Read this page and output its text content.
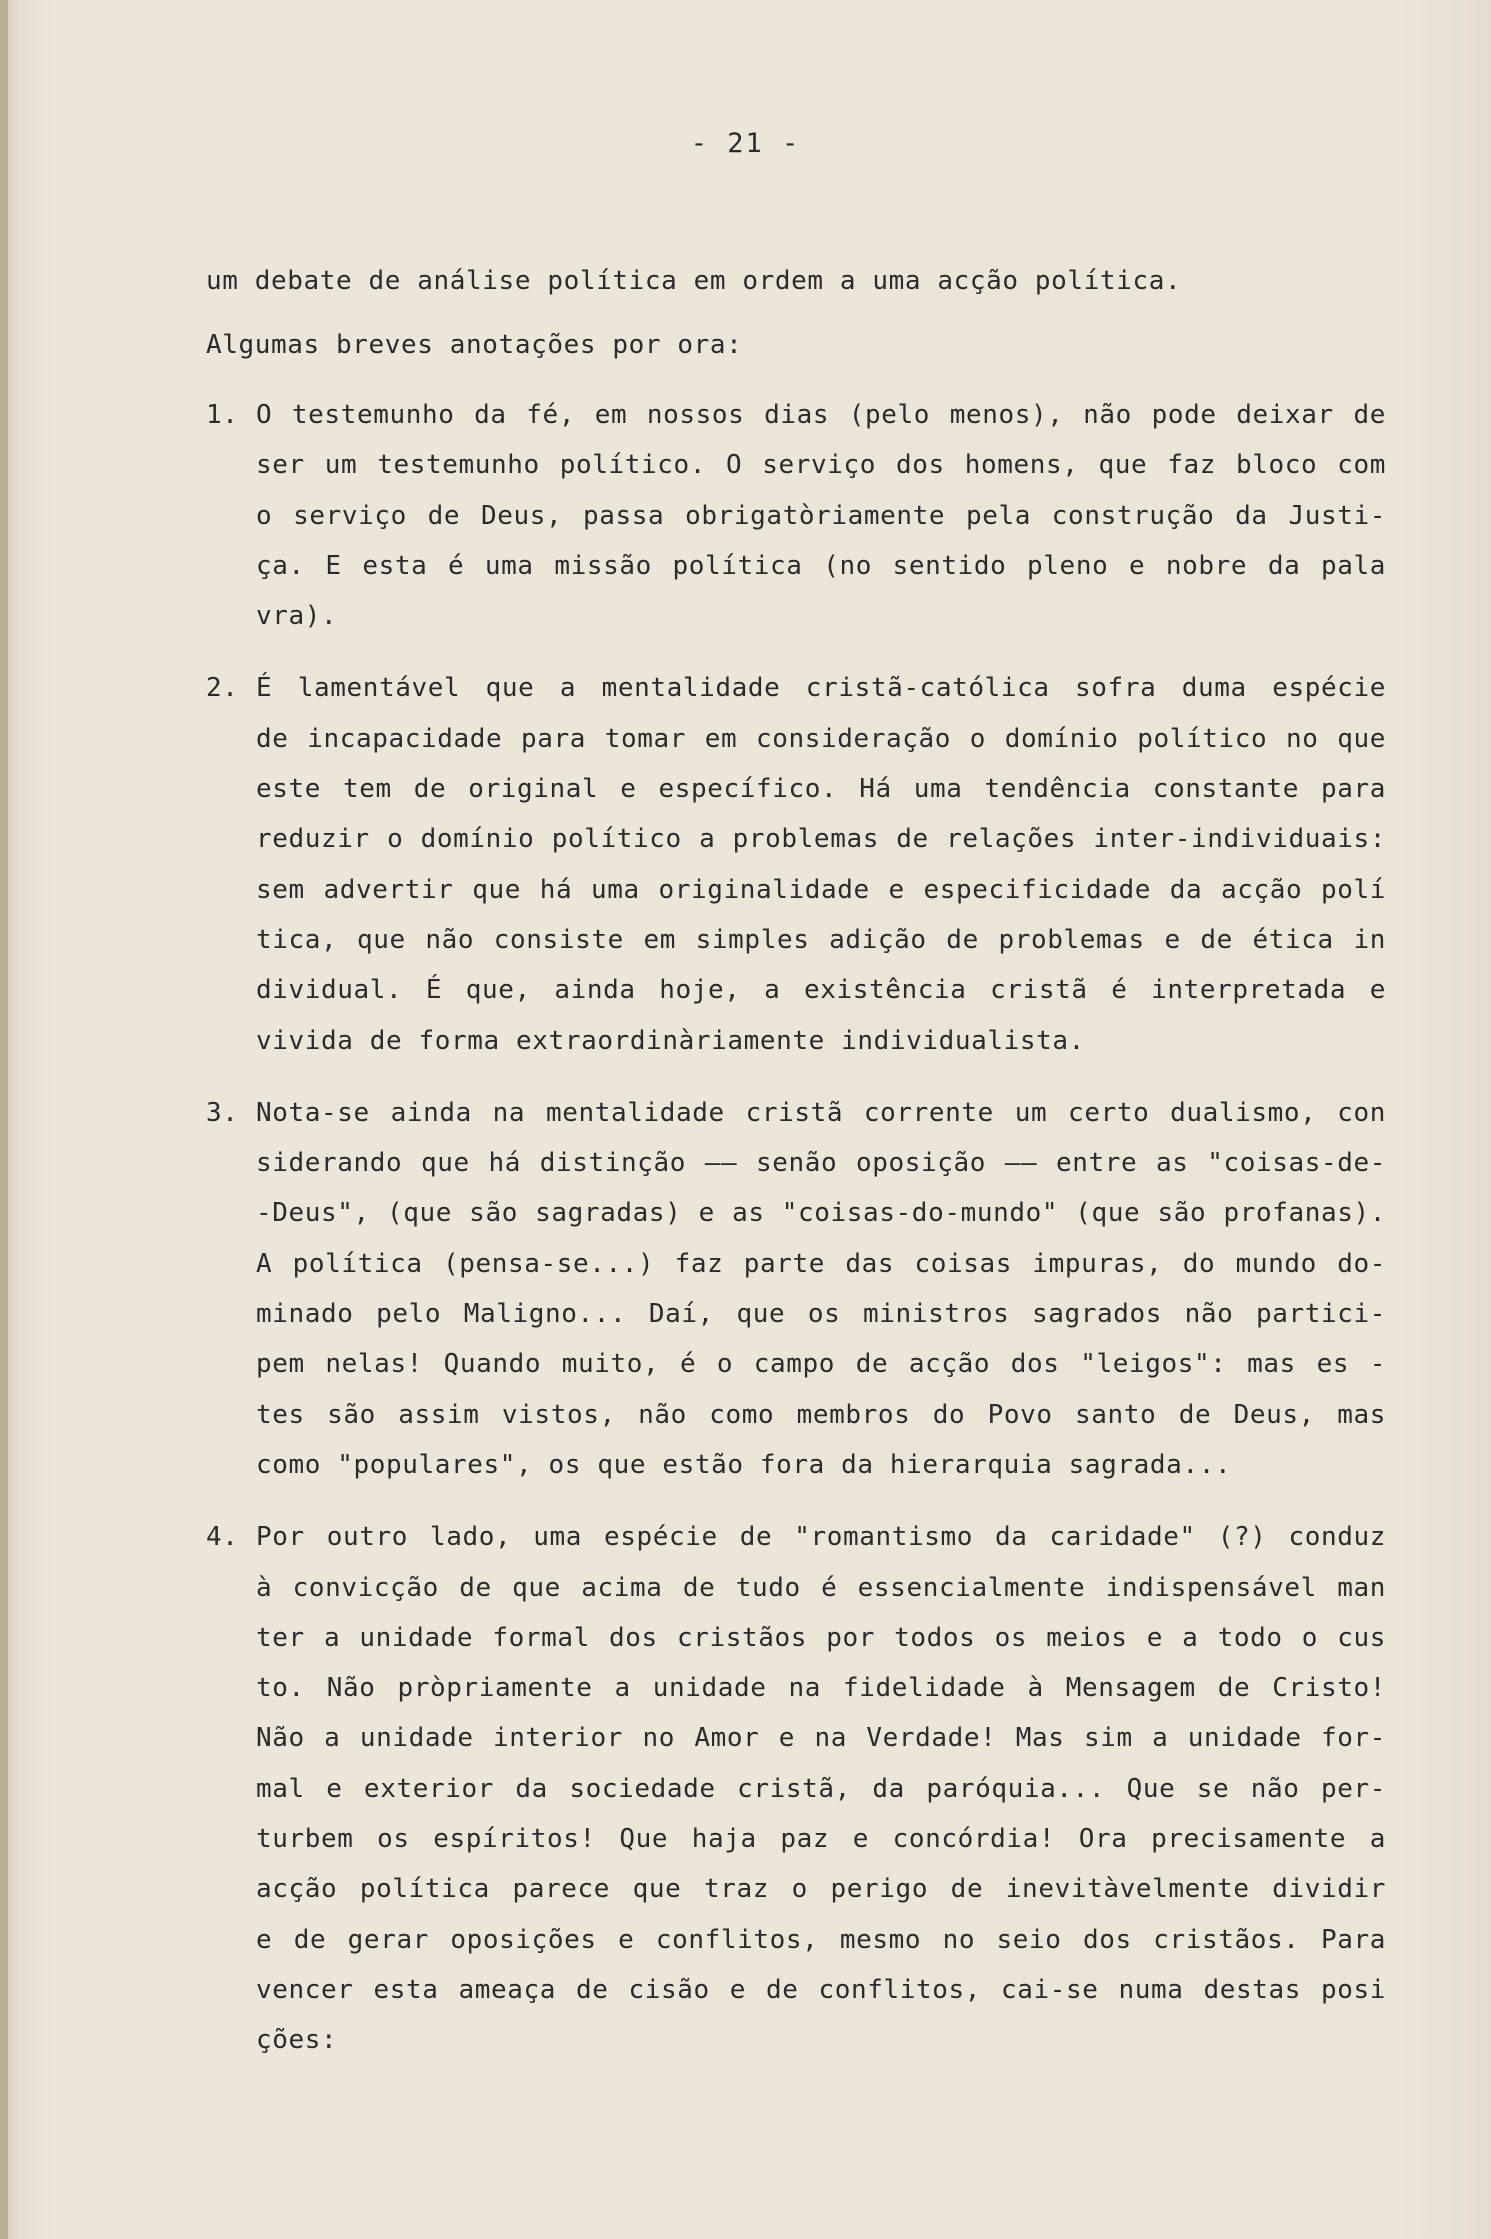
- 21 -

um debate de análise política em ordem a uma acção política.

Algumas breves anotações por ora:

1. O testemunho da fé, em nossos dias (pelo menos), não pode deixar de
ser um testemunho político. O serviço dos homens, que faz bloco com
o serviço de Deus, passa obrigatòriamente pela construção da Justi-
ça. E esta é uma missão política (no sentido pleno e nobre da pala
vra).
2. É lamentável que a mentalidade cristã-católica sofra duma espécie
de incapacidade para tomar em consideração o domínio político no que
este tem de original e específico. Há uma tendência constante para
reduzir o domínio político a problemas de relações inter-individuais:
sem advertir que há uma originalidade e especificidade da acção polí
tica, que não consiste em simples adição de problemas e de ética in
dividual. É que, ainda hoje, a existência cristã é interpretada e
vivida de forma extraordinàriamente individualista.
3. Nota-se ainda na mentalidade cristã corrente um certo dualismo, con
siderando que há distinção –– senão oposição –– entre as "coisas-de-
-Deus", (que são sagradas) e as "coisas-do-mundo" (que são profanas).
A política (pensa-se...) faz parte das coisas impuras, do mundo do-
minado pelo Maligno... Daí, que os ministros sagrados não partici-
pem nelas! Quando muito, é o campo de acção dos "leigos": mas es -
tes são assim vistos, não como membros do Povo santo de Deus, mas
como "populares", os que estão fora da hierarquia sagrada...
4. Por outro lado, uma espécie de "romantismo da caridade" (?) conduz
à convicção de que acima de tudo é essencialmente indispensável man
ter a unidade formal dos cristãos por todos os meios e a todo o cus
to. Não pròpriamente a unidade na fidelidade à Mensagem de Cristo!
Não a unidade interior no Amor e na Verdade! Mas sim a unidade for-
mal e exterior da sociedade cristã, da paróquia... Que se não per-
turbem os espíritos! Que haja paz e concórdia! Ora precisamente a
acção política parece que traz o perigo de inevitàvelmente dividir
e de gerar oposições e conflitos, mesmo no seio dos cristãos. Para
vencer esta ameaça de cisão e de conflitos, cai-se numa destas posi
ções:
